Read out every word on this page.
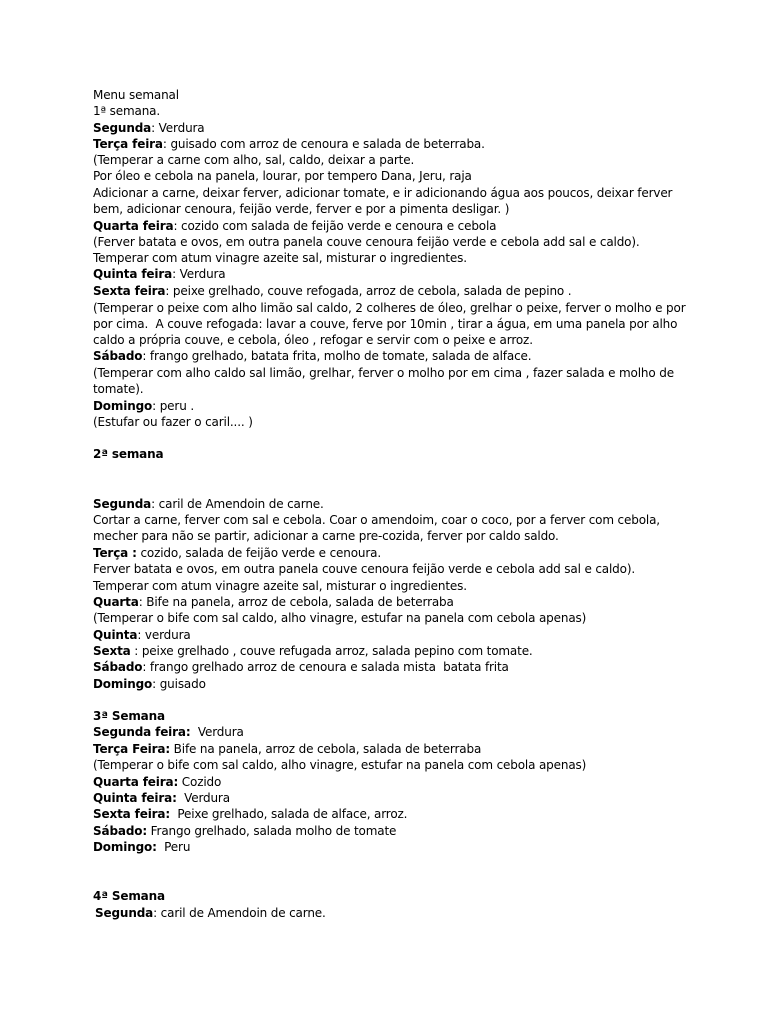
Menu semanal
1ª semana.
Segunda: Verdura
Terça feira: guisado com arroz de cenoura e salada de beterraba.
(Temperar a carne com alho, sal, caldo, deixar a parte.
Por óleo e cebola na panela, lourar, por tempero Dana, Jeru, raja
Adicionar a carne, deixar ferver, adicionar tomate, e ir adicionando água aos poucos, deixar ferver
bem, adicionar cenoura, feijão verde, ferver e por a pimenta desligar. )
Quarta feira: cozido com salada de feijão verde e cenoura e cebola
(Ferver batata e ovos, em outra panela couve cenoura feijão verde e cebola add sal e caldo).
Temperar com atum vinagre azeite sal, misturar o ingredientes.
Quinta feira: Verdura
Sexta feira: peixe grelhado, couve refogada, arroz de cebola, salada de pepino .
(Temperar o peixe com alho limão sal caldo, 2 colheres de óleo, grelhar o peixe, ferver o molho e por
por cima.  A couve refogada: lavar a couve, ferve por 10min , tirar a água, em uma panela por alho
caldo a própria couve, e cebola, óleo , refogar e servir com o peixe e arroz.
Sábado: frango grelhado, batata frita, molho de tomate, salada de alface.
(Temperar com alho caldo sal limão, grelhar, ferver o molho por em cima , fazer salada e molho de
tomate).
Domingo: peru .
(Estufar ou fazer o caril.... )
2ª semana
Segunda: caril de Amendoin de carne.
Cortar a carne, ferver com sal e cebola. Coar o amendoim, coar o coco, por a ferver com cebola,
mecher para não se partir, adicionar a carne pre-cozida, ferver por caldo saldo.
Terça : cozido, salada de feijão verde e cenoura.
Ferver batata e ovos, em outra panela couve cenoura feijão verde e cebola add sal e caldo).
Temperar com atum vinagre azeite sal, misturar o ingredientes.
Quarta: Bife na panela, arroz de cebola, salada de beterraba
(Temperar o bife com sal caldo, alho vinagre, estufar na panela com cebola apenas)
Quinta: verdura
Sexta : peixe grelhado , couve refugada arroz, salada pepino com tomate.
Sábado: frango grelhado arroz de cenoura e salada mista  batata frita
Domingo: guisado
3ª Semana
Segunda feira:  Verdura
Terça Feira: Bife na panela, arroz de cebola, salada de beterraba
(Temperar o bife com sal caldo, alho vinagre, estufar na panela com cebola apenas)
Quarta feira: Cozido
Quinta feira:  Verdura
Sexta feira:  Peixe grelhado, salada de alface, arroz.
Sábado: Frango grelhado, salada molho de tomate
Domingo:  Peru
4ª Semana
Segunda: caril de Amendoin de carne.
